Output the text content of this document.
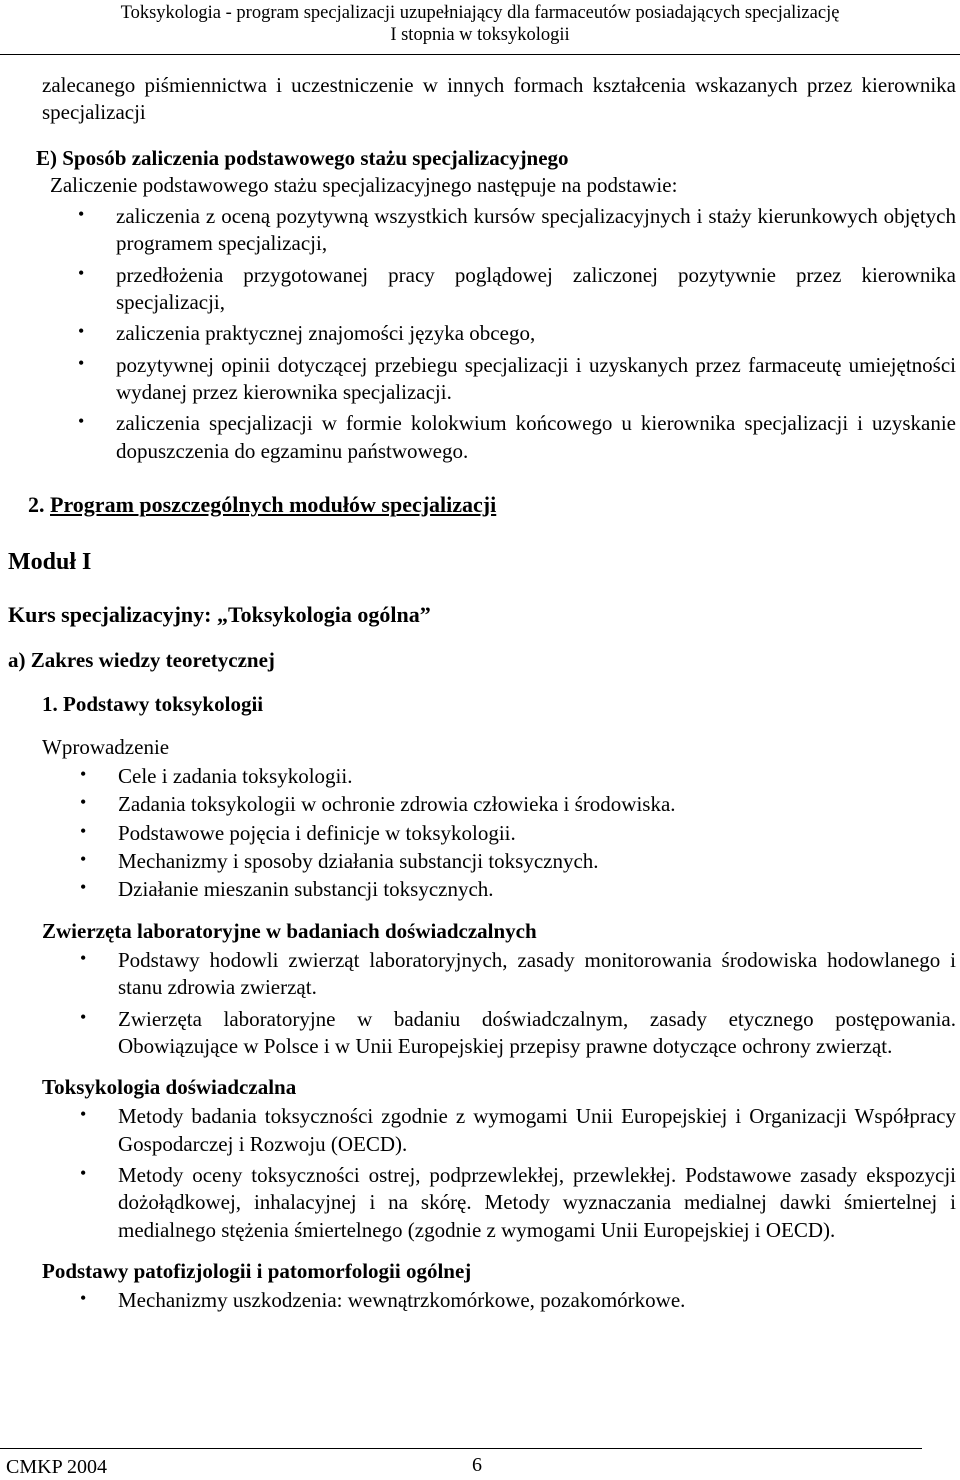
Toksykologia - program specjalizacji uzupełniający dla farmaceutów posiadających specjalizację
I stopnia w toksykologii

zalecanego piśmiennictwa i uczestniczenie w innych formach kształcenia wskazanych przez kierownika specjalizacji

E) Sposób zaliczenia podstawowego stażu specjalizacyjnego

Zaliczenie podstawowego stażu specjalizacyjnego następuje na podstawie:

• zaliczenia z oceną pozytywną wszystkich kursów specjalizacyjnych i staży kierunkowych objętych programem specjalizacji,
• przedłożenia przygotowanej pracy poglądowej zaliczonej pozytywnie przez kierownika specjalizacji,
• zaliczenia praktycznej znajomości języka obcego,
• pozytywnej opinii dotyczącej przebiegu specjalizacji i uzyskanych przez farmaceutę umiejętności wydanej przez kierownika specjalizacji.
• zaliczenia specjalizacji w formie kolokwium końcowego u kierownika specjalizacji i uzyskanie dopuszczenia do egzaminu państwowego.

2. Program poszczególnych modułów specjalizacji

Moduł I

Kurs specjalizacyjny: „Toksykologia ogólna”

a) Zakres wiedzy teoretycznej

1. Podstawy toksykologii

Wprowadzenie

• Cele i zadania toksykologii.
• Zadania toksykologii w ochronie zdrowia człowieka i środowiska.
• Podstawowe pojęcia i definicje w toksykologii.
• Mechanizmy i sposoby działania substancji toksycznych.
• Działanie mieszanin substancji toksycznych.

Zwierzęta laboratoryjne w badaniach doświadczalnych

• Podstawy hodowli zwierząt laboratoryjnych, zasady monitorowania środowiska hodowlanego i stanu zdrowia zwierząt.
• Zwierzęta laboratoryjne w badaniu doświadczalnym, zasady etycznego postępowania. Obowiązujące w Polsce i w Unii Europejskiej przepisy prawne dotyczące ochrony zwierząt.

Toksykologia doświadczalna

• Metody badania toksyczności zgodnie z wymogami Unii Europejskiej i Organizacji Współpracy Gospodarczej i Rozwoju (OECD).
• Metody oceny toksyczności ostrej, podprzewlekłej, przewlekłej. Podstawowe zasady ekspozycji dożołądkowej, inhalacyjnej i na skórę. Metody wyznaczania medialnej dawki śmiertelnej i medialnego stężenia śmiertelnego (zgodnie z wymogami Unii Europejskiej i OECD).

Podstawy patofizjologii i patomorfologii ogólnej

• Mechanizmy uszkodzenia: wewnątrzkomórkowe, pozakomórkowe.
CMKP 2004	6
